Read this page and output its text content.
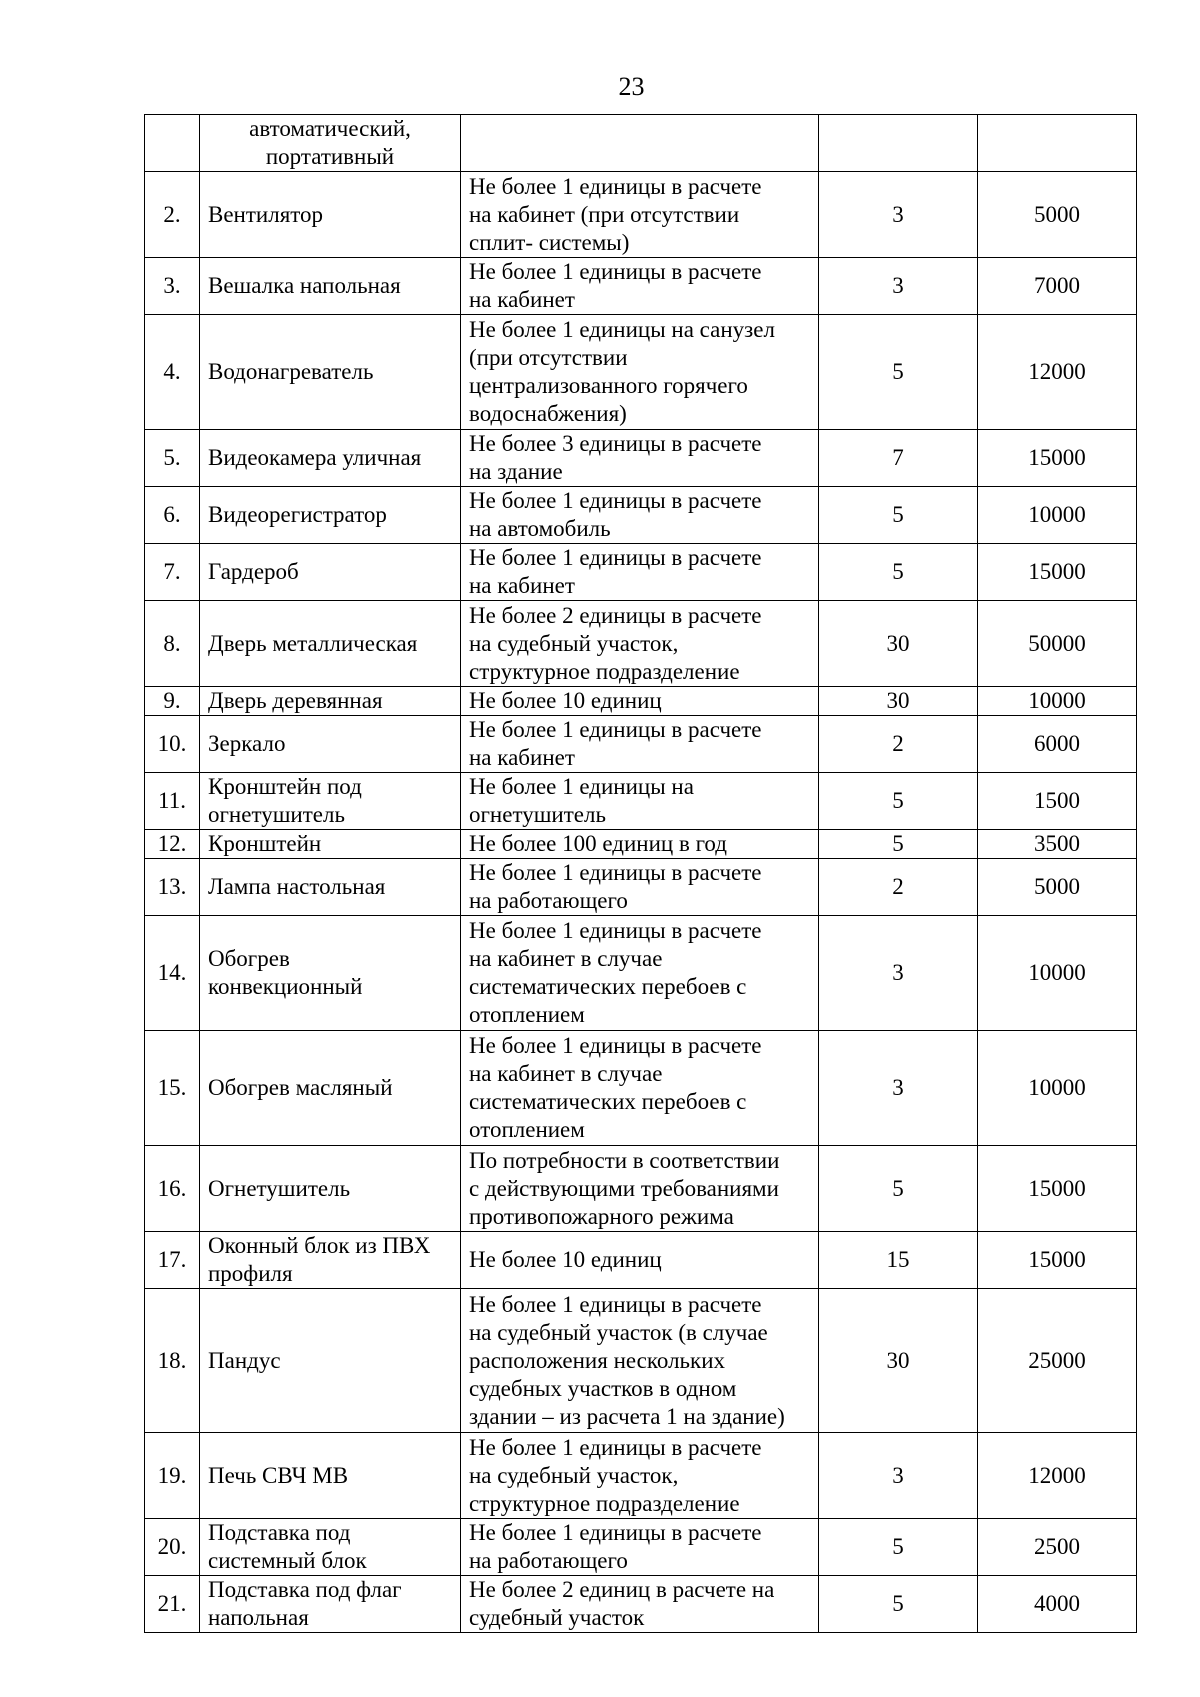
23
	автоматический,
портативный			
2.	Вентилятор	Не более 1 единицы в расчете
на кабинет (при отсутствии
сплит- системы)	3	5000
3.	Вешалка напольная	Не более 1 единицы в расчете
на кабинет	3	7000
4.	Водонагреватель	Не более 1 единицы на санузел
(при отсутствии
централизованного горячего
водоснабжения)	5	12000
5.	Видеокамера уличная	Не более 3 единицы в расчете
на здание	7	15000
6.	Видеорегистратор	Не более 1 единицы в расчете
на автомобиль	5	10000
7.	Гардероб	Не более 1 единицы в расчете
на кабинет	5	15000
8.	Дверь металлическая	Не более 2 единицы в расчете
на судебный участок,
структурное подразделение	30	50000
9.	Дверь деревянная	Не более 10 единиц	30	10000
10.	Зеркало	Не более 1 единицы в расчете
на кабинет	2	6000
11.	Кронштейн под
огнетушитель	Не более 1 единицы на
огнетушитель	5	1500
12.	Кронштейн	Не более 100 единиц в год	5	3500
13.	Лампа настольная	Не более 1 единицы в расчете
на работающего	2	5000
14.	Обогрев
конвекционный	Не более 1 единицы в расчете
на кабинет в случае
систематических перебоев с
отоплением	3	10000
15.	Обогрев масляный	Не более 1 единицы в расчете
на кабинет в случае
систематических перебоев с
отоплением	3	10000
16.	Огнетушитель	По потребности в соответствии
с действующими требованиями
противопожарного режима	5	15000
17.	Оконный блок из ПВХ
профиля	Не более 10 единиц	15	15000
18.	Пандус	Не более 1 единицы в расчете
на судебный участок (в случае
расположения нескольких
судебных участков в одном
здании – из расчета 1 на здание)	30	25000
19.	Печь СВЧ МВ	Не более 1 единицы в расчете
на судебный участок,
структурное подразделение	3	12000
20.	Подставка под
системный блок	Не более 1 единицы в расчете
на работающего	5	2500
21.	Подставка под флаг
напольная	Не более 2 единиц в расчете на
судебный участок	5	4000
